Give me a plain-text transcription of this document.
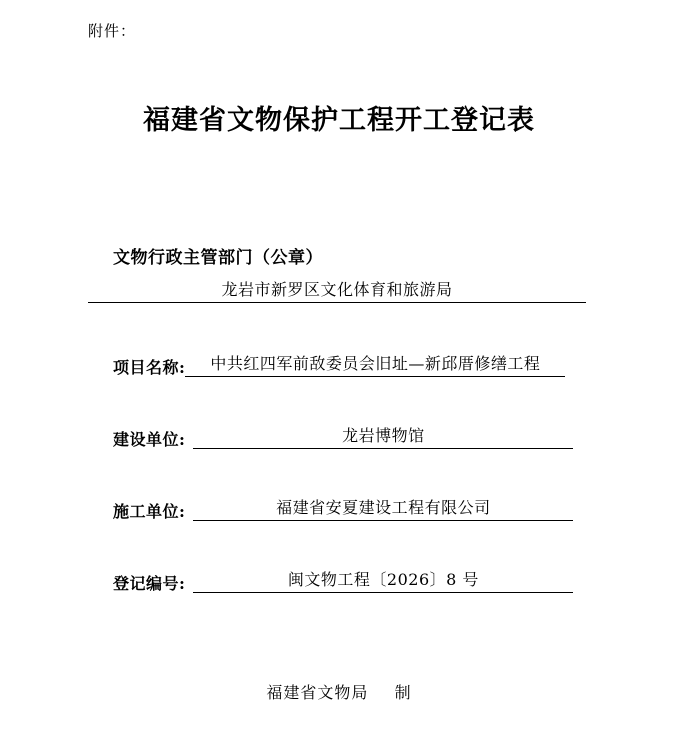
附件：
福建省文物保护工程开工登记表
文物行政主管部门（公章）
龙岩市新罗区文化体育和旅游局
项目名称:	中共红四军前敌委员会旧址—新邱厝修缮工程
建设单位:	龙岩博物馆
施工单位:	福建省安夏建设工程有限公司
登记编号:	闽文物工程〔2026〕8 号
福建省文物局 制
